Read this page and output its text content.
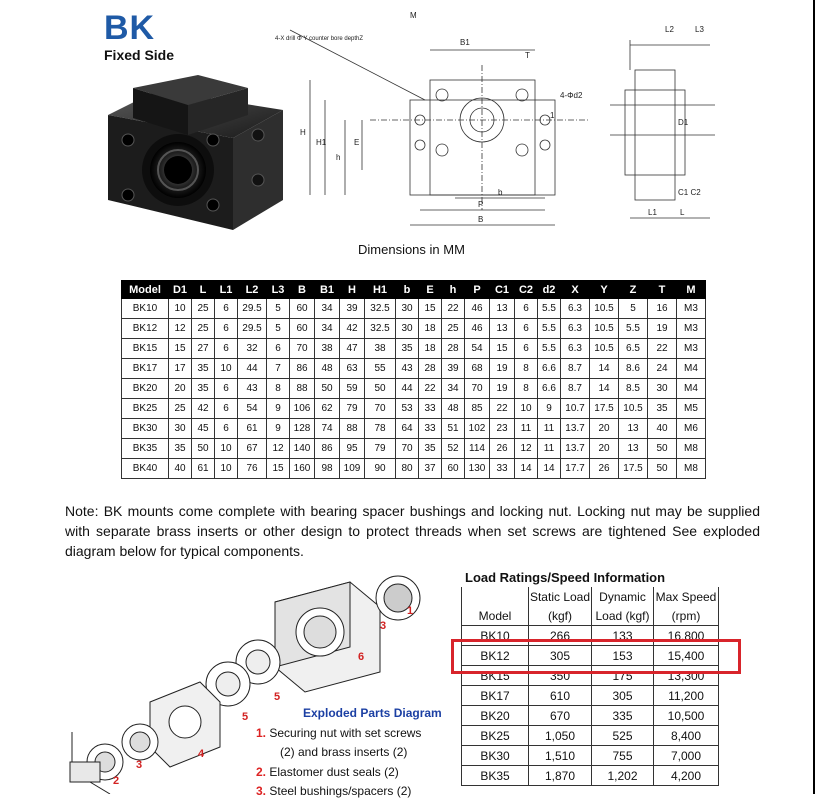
BK
Fixed Side
M
4-X drill Φ Y counter bore depthZ	B1
T
4-Φd2
1
H
H1
h
E
b
P
B
L2	L3
C1 C2
D1
L1	L
Dimensions in MM
Model	D1	L	L1	L2	L3	B	B1	H	H1	b	E	h	P	C1	C2	d2	X	Y	Z	T	M
BK10	10	25	6	29.5	5	60	34	39	32.5	30	15	22	46	13	6	5.5	6.3	10.5	5	16	M3
BK12	12	25	6	29.5	5	60	34	42	32.5	30	18	25	46	13	6	5.5	6.3	10.5	5.5	19	M3
BK15	15	27	6	32	6	70	38	47	38	35	18	28	54	15	6	5.5	6.3	10.5	6.5	22	M3
BK17	17	35	10	44	7	86	48	63	55	43	28	39	68	19	8	6.6	8.7	14	8.6	24	M4
BK20	20	35	6	43	8	88	50	59	50	44	22	34	70	19	8	6.6	8.7	14	8.5	30	M4
BK25	25	42	6	54	9	106	62	79	70	53	33	48	85	22	10	9	10.7	17.5	10.5	35	M5
BK30	30	45	6	61	9	128	74	88	78	64	33	51	102	23	11	11	13.7	20	13	40	M6
BK35	35	50	10	67	12	140	86	95	79	70	35	52	114	26	12	11	13.7	20	13	50	M8
BK40	40	61	10	76	15	160	98	109	90	80	37	60	130	33	14	14	17.7	26	17.5	50	M8
Note: BK mounts come complete with bearing spacer bushings and locking nut. Locking nut may be supplied with separate brass inserts or other design to protect threads when set screws are tightened See exploded diagram below for typical components.
1
3
6
5
5
4
3
2
Exploded Parts Diagram
1. Securing nut with set screws
(2) and brass inserts (2)
2. Elastomer dust seals (2)
3. Steel bushings/spacers (2)
Load Ratings/Speed Information
	Static Load	Dynamic	Max Speed
Model	(kgf)	Load (kgf)	(rpm)
BK10	266	133	16,800
BK12	305	153	15,400
BK15	350	175	13,300
BK17	610	305	11,200
BK20	670	335	10,500
BK25	1,050	525	8,400
BK30	1,510	755	7,000
BK35	1,870	1,202	4,200
